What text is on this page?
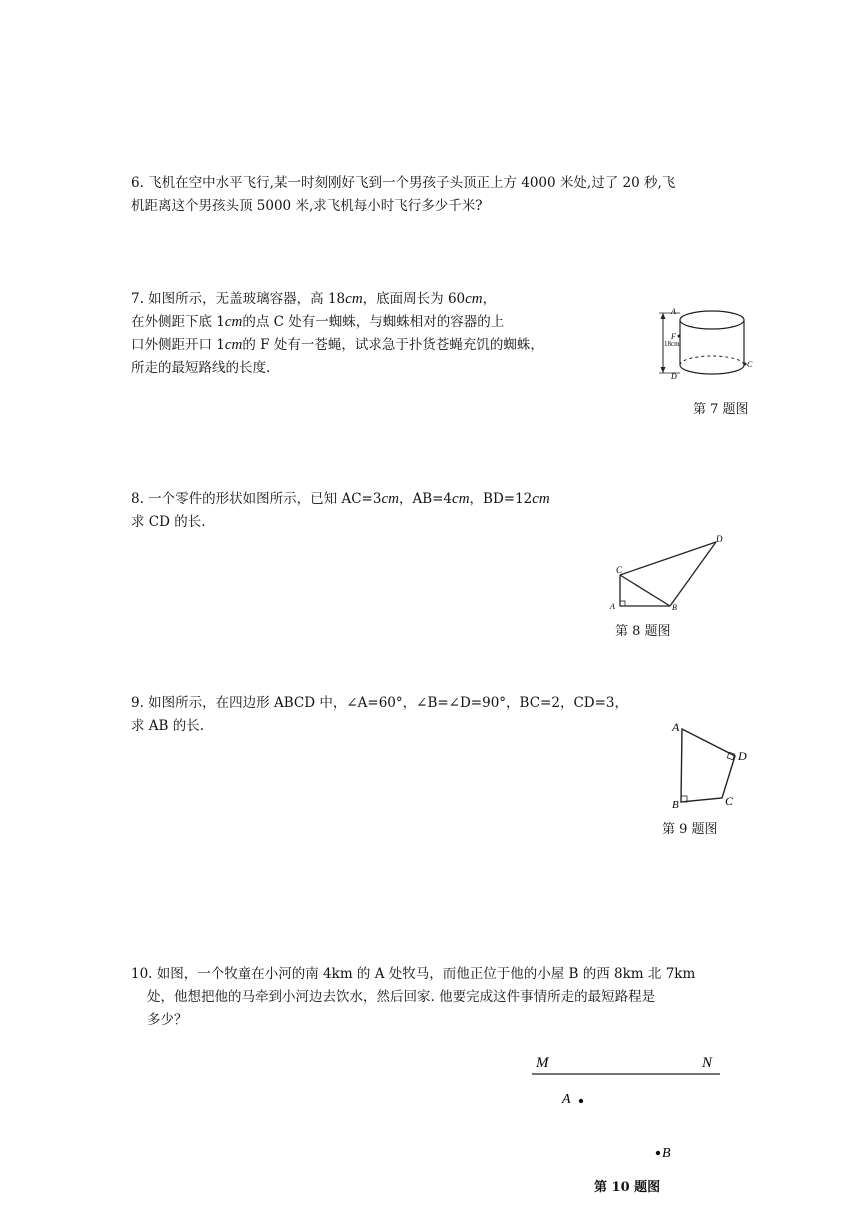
6. 飞机在空中水平飞行,某一时刻刚好飞到一个男孩子头顶正上方 4000 米处,过了 20 秒,飞
机距离这个男孩头顶 5000 米,求飞机每小时飞行多少千米?
7. 如图所示，无盖玻璃容器，高 18cm，底面周长为 60cm，
在外侧距下底 1cm的点 C 处有一蜘蛛，与蜘蛛相对的容器的上
口外侧距开口 1cm的 F 处有一苍蝇，试求急于扑货苍蝇充饥的蜘蛛，
所走的最短路线的长度.
18cm
A
F
C
D
第 7 题图
8. 一个零件的形状如图所示，已知 AC=3cm，AB=4cm，BD=12cm
求 CD 的长.
A	B
C
D
第 8 题图
9. 如图所示，在四边形 ABCD 中，∠A=60°，∠B=∠D=90°，BC=2，CD=3，
求 AB 的长.	A
B	C
D
第 9 题图
10. 如图，一个牧童在小河的南 4km 的 A 处牧马，而他正位于他的小屋 B 的西 8km 北 7km
处，他想把他的马牵到小河边去饮水，然后回家. 他要完成这件事情所走的最短路程是
多少？
M	N
A
B
第 10 题图
